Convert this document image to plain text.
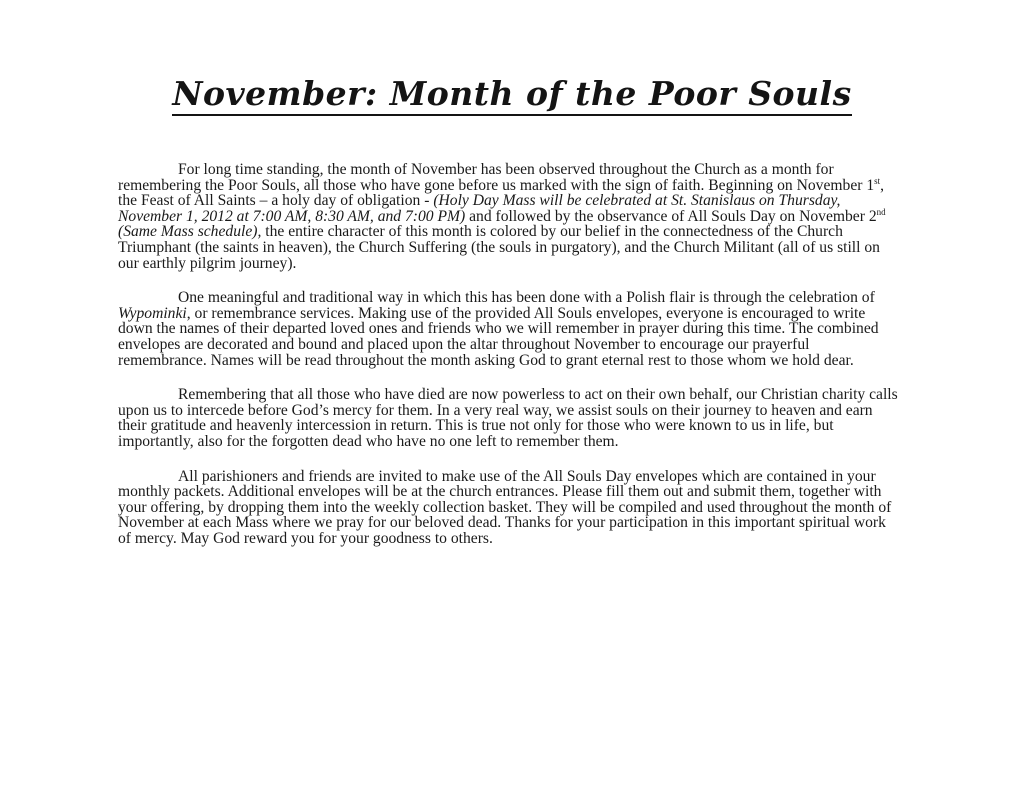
November: Month of the Poor Souls

For long time standing, the month of November has been observed throughout the Church as a month for remembering the Poor Souls, all those who have gone before us marked with the sign of faith. Beginning on November 1st, the Feast of All Saints – a holy day of obligation - (Holy Day Mass will be celebrated at St. Stanislaus on Thursday, November 1, 2012 at 7:00 AM, 8:30 AM, and 7:00 PM) and followed by the observance of All Souls Day on November 2nd (Same Mass schedule), the entire character of this month is colored by our belief in the connectedness of the Church Triumphant (the saints in heaven), the Church Suffering (the souls in purgatory), and the Church Militant (all of us still on our earthly pilgrim journey).

One meaningful and traditional way in which this has been done with a Polish flair is through the celebration of Wypominki, or remembrance services. Making use of the provided All Souls envelopes, everyone is encouraged to write down the names of their departed loved ones and friends who we will remember in prayer during this time. The combined envelopes are decorated and bound and placed upon the altar throughout November to encourage our prayerful remembrance. Names will be read throughout the month asking God to grant eternal rest to those whom we hold dear.

Remembering that all those who have died are now powerless to act on their own behalf, our Christian charity calls upon us to intercede before God’s mercy for them. In a very real way, we assist souls on their journey to heaven and earn their gratitude and heavenly intercession in return. This is true not only for those who were known to us in life, but importantly, also for the forgotten dead who have no one left to remember them.

All parishioners and friends are invited to make use of the All Souls Day envelopes which are contained in your monthly packets. Additional envelopes will be at the church entrances. Please fill them out and submit them, together with your offering, by dropping them into the weekly collection basket. They will be compiled and used throughout the month of November at each Mass where we pray for our beloved dead. Thanks for your participation in this important spiritual work of mercy. May God reward you for your goodness to others.
